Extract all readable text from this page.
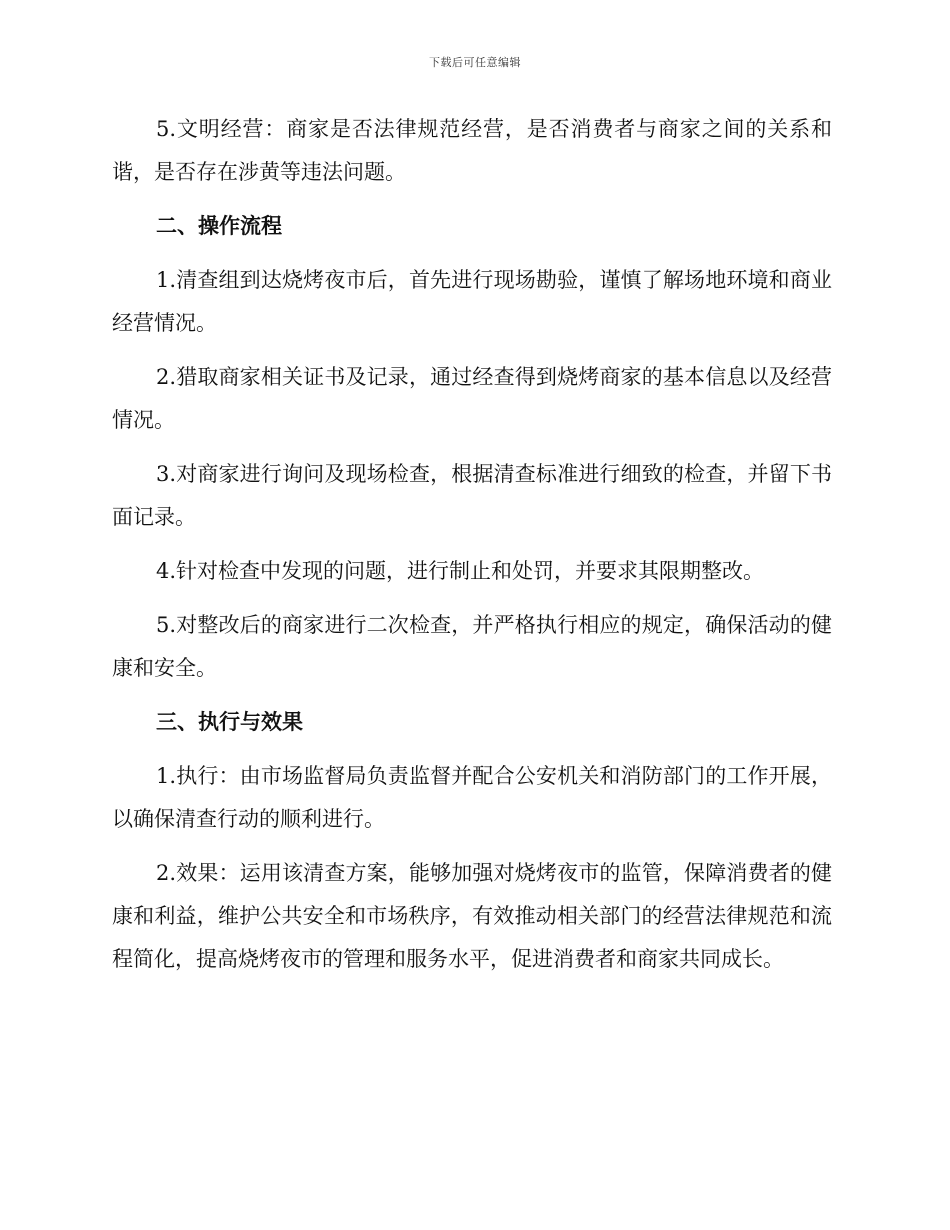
下载后可任意编辑

5.文明经营：商家是否法律规范经营，是否消费者与商家之间的关系和谐，是否存在涉黄等违法问题。

二、操作流程

1.清查组到达烧烤夜市后，首先进行现场勘验，谨慎了解场地环境和商业经营情况。

2.猎取商家相关证书及记录，通过经查得到烧烤商家的基本信息以及经营情况。

3.对商家进行询问及现场检查，根据清查标准进行细致的检查，并留下书面记录。

4.针对检查中发现的问题，进行制止和处罚，并要求其限期整改。

5.对整改后的商家进行二次检查，并严格执行相应的规定，确保活动的健康和安全。

三、执行与效果

1.执行：由市场监督局负责监督并配合公安机关和消防部门的工作开展，以确保清查行动的顺利进行。

2.效果：运用该清查方案，能够加强对烧烤夜市的监管，保障消费者的健康和利益，维护公共安全和市场秩序，有效推动相关部门的经营法律规范和流程简化，提高烧烤夜市的管理和服务水平，促进消费者和商家共同成长。
